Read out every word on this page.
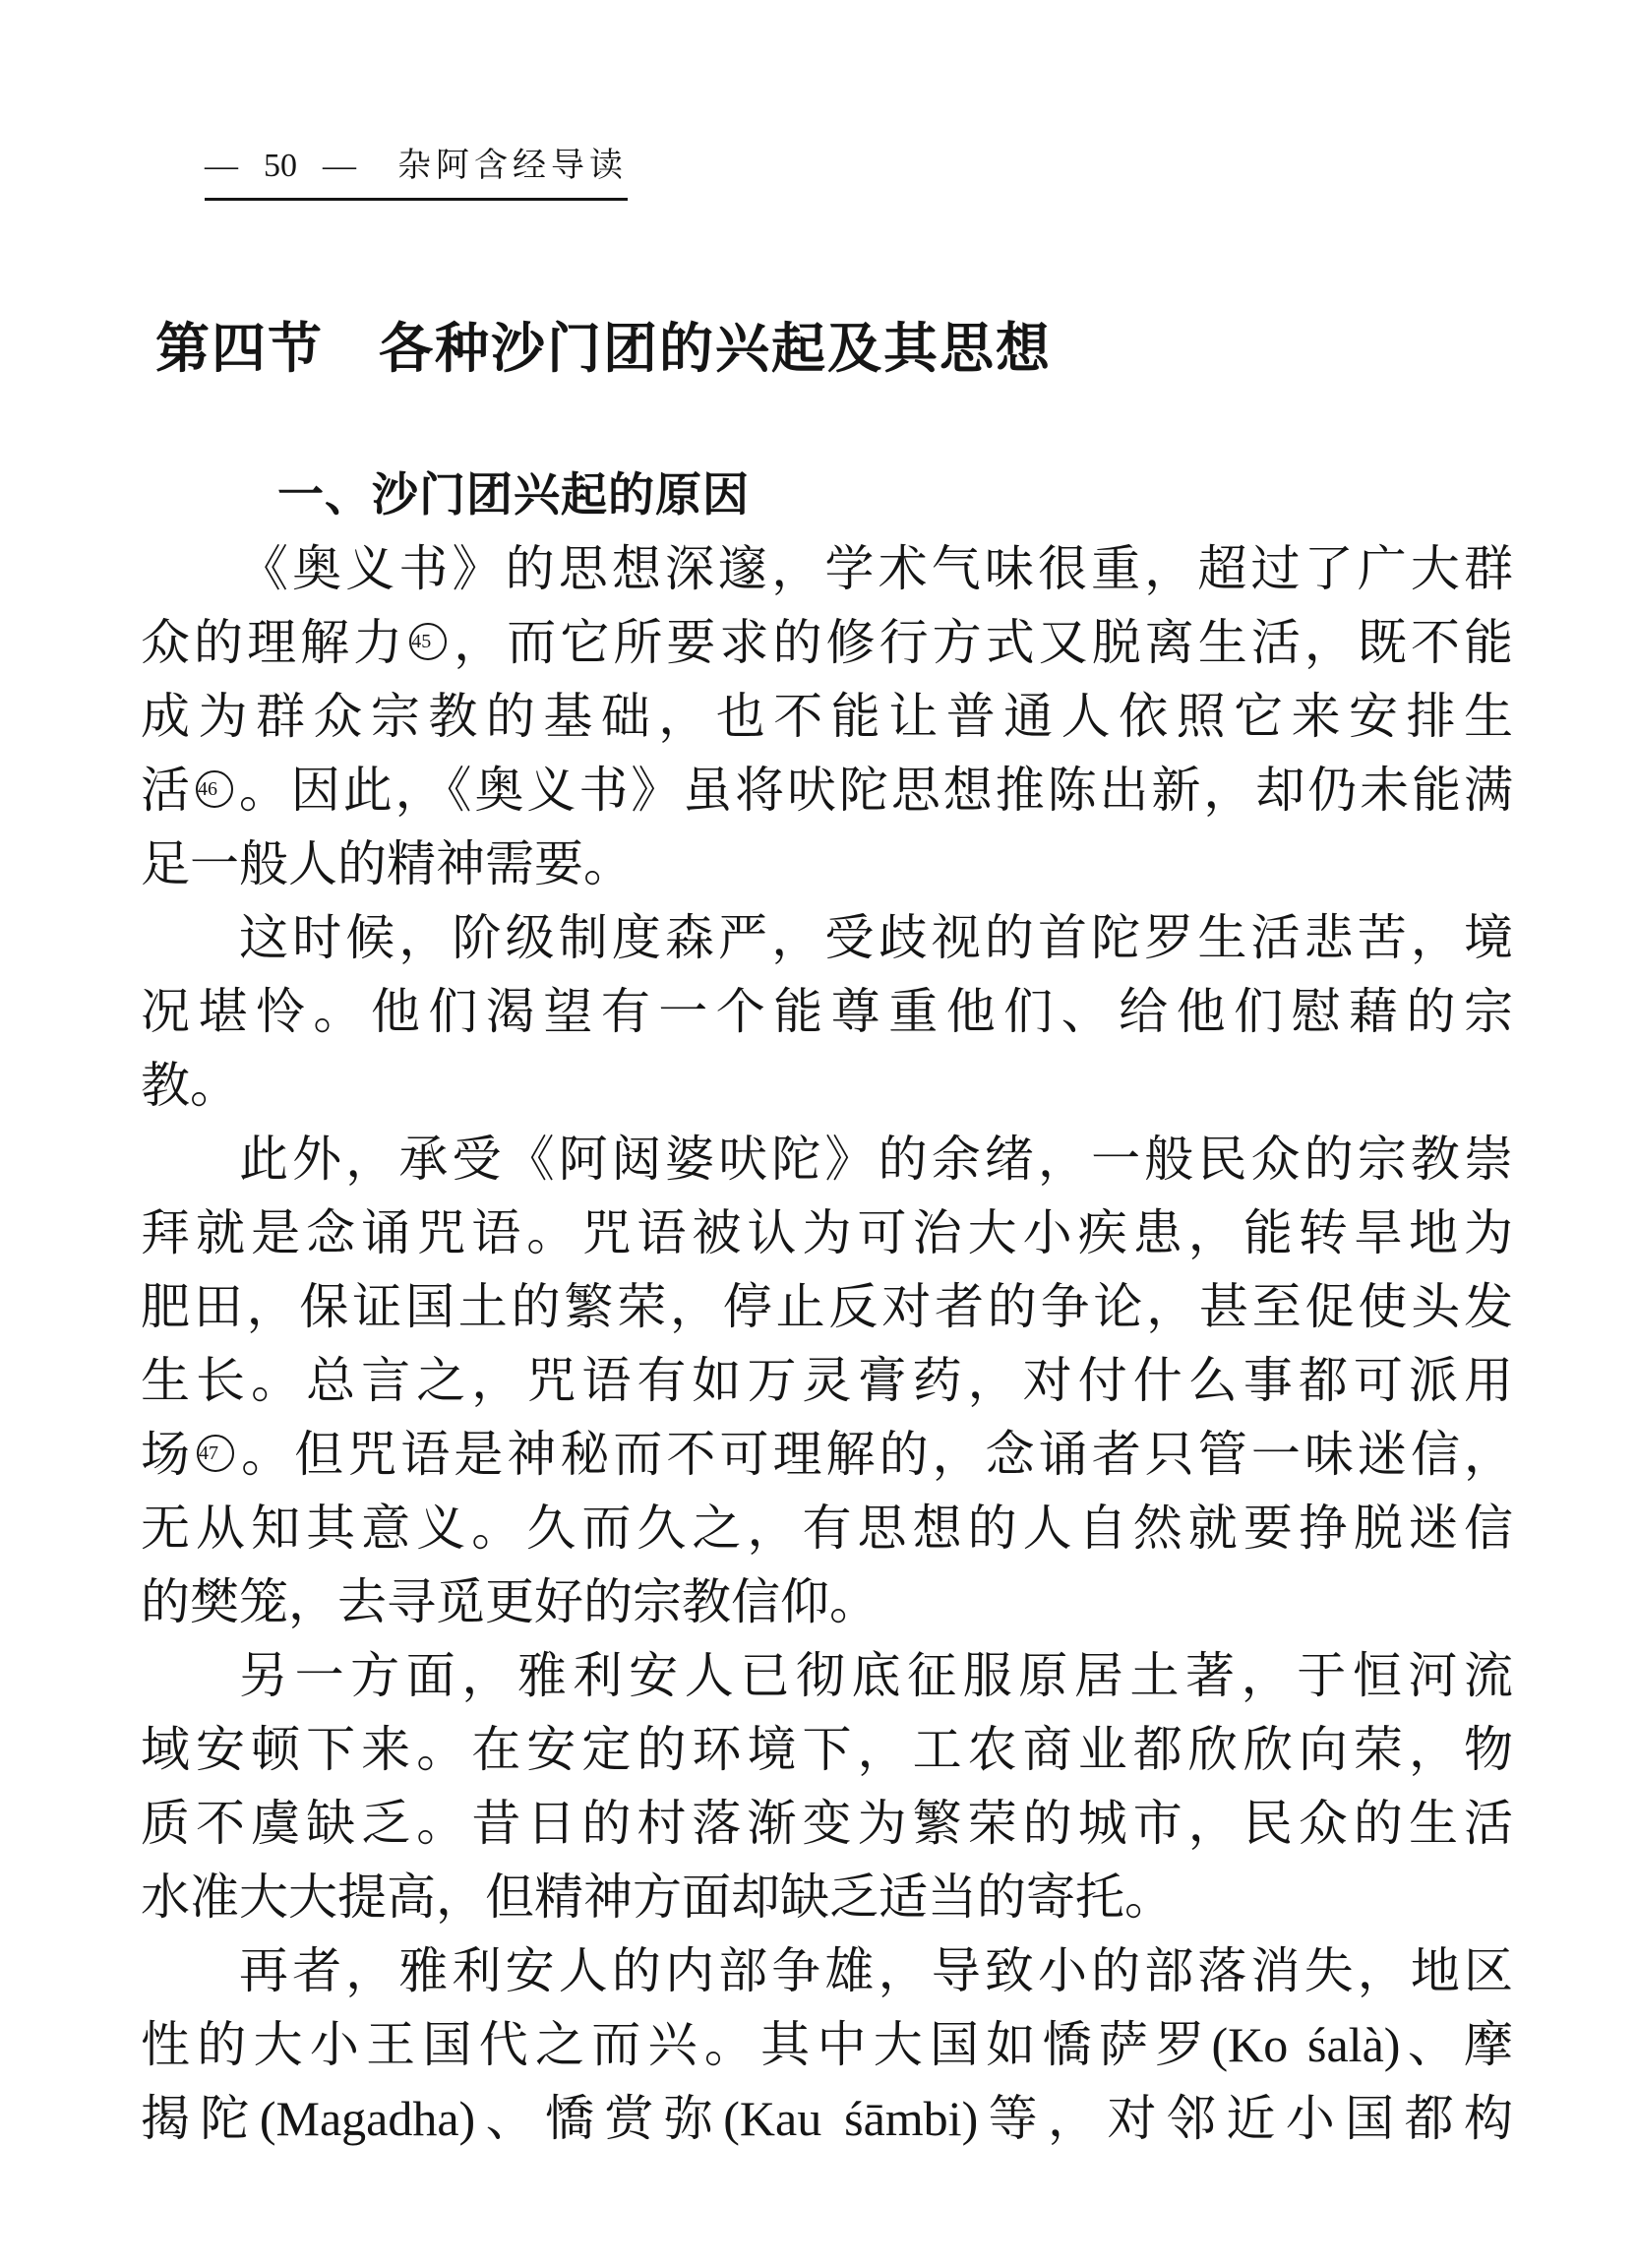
— 50 — 杂阿含经导读
第四节 各种沙门团的兴起及其思想
一、沙门团兴起的原因
《奥义书》的思想深邃，学术气味很重，超过了广大群
众的理解力 45 ，而它所要求的修行方式又脱离生活，既不能
成为群众宗教的基础，也不能让普通人依照它来安排生
活 46 。因此，《奥义书》虽将吠陀思想推陈出新，却仍未能满
足一般人的精神需要。
这时候，阶级制度森严，受歧视的首陀罗生活悲苦，境
况堪怜。他们渴望有一个能尊重他们、给他们慰藉的宗
教。
此外，承受《阿闼婆吠陀》的余绪，一般民众的宗教崇
拜就是念诵咒语。咒语被认为可治大小疾患，能转旱地为
肥田，保证国土的繁荣，停止反对者的争论，甚至促使头发
生长。总言之，咒语有如万灵膏药，对付什么事都可派用
场 47 。但咒语是神秘而不可理解的，念诵者只管一味迷信，
无从知其意义。久而久之，有思想的人自然就要挣脱迷信
的樊笼，去寻觅更好的宗教信仰。
另一方面，雅利安人已彻底征服原居土著，于恒河流
域安顿下来。在安定的环境下，工农商业都欣欣向荣，物
质不虞缺乏。昔日的村落渐变为繁荣的城市，民众的生活
水准大大提高，但精神方面却缺乏适当的寄托。
再者，雅利安人的内部争雄，导致小的部落消失，地区
性的大小王国代之而兴。其中大国如憍萨罗(Ko śalà)、摩
揭陀(Magadha)、憍赏弥(Kau śāmbi)等，对邻近小国都构
